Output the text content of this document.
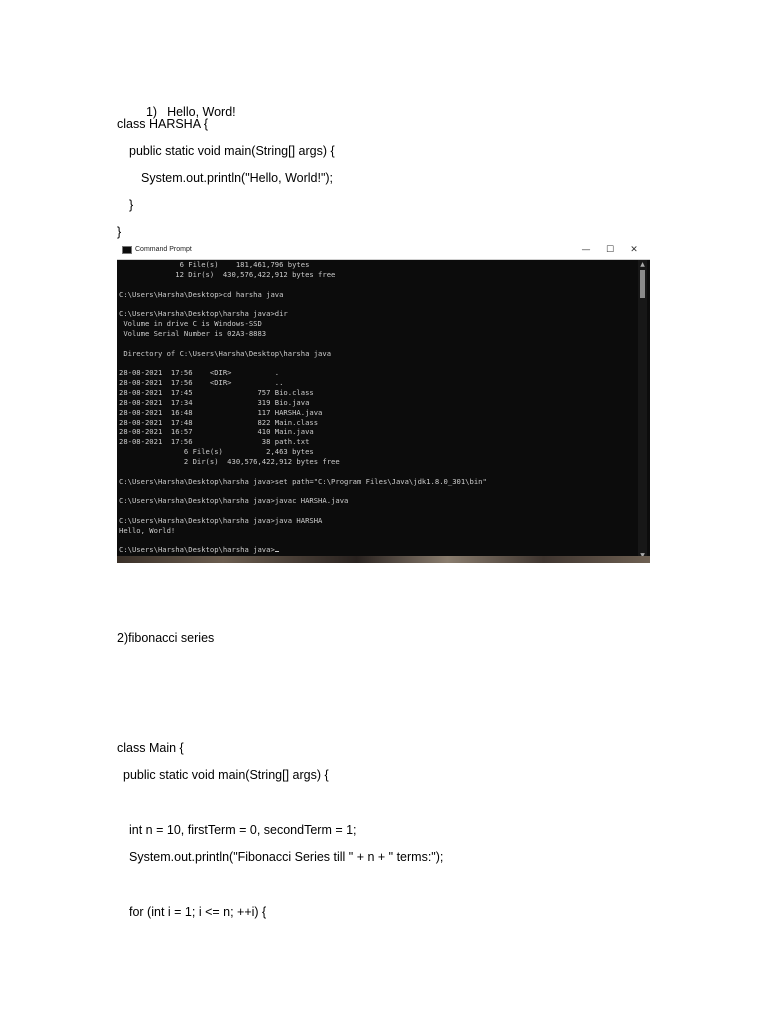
1) Hello, Word!

class HARSHA {
public static void main(String[] args) {
System.out.println("Hello, World!");
}
}
Command Prompt	—	☐	✕
6 File(s)    181,461,796 bytes
12 Dir(s)  430,576,422,912 bytes free

C:\Users\Harsha\Desktop>cd harsha java

C:\Users\Harsha\Desktop\harsha java>dir
Volume in drive C is Windows-SSD
Volume Serial Number is 02A3-8883

Directory of C:\Users\Harsha\Desktop\harsha java

28-08-2021  17:56    <DIR>          .
28-08-2021  17:56    <DIR>          ..
28-08-2021  17:45               757 Bio.class
28-08-2021  17:34               319 Bio.java
28-08-2021  16:48               117 HARSHA.java
28-08-2021  17:48               822 Main.class
28-08-2021  16:57               410 Main.java
28-08-2021  17:56                38 path.txt
6 File(s)          2,463 bytes
2 Dir(s)  430,576,422,912 bytes free

C:\Users\Harsha\Desktop\harsha java>set path="C:\Program Files\Java\jdk1.8.0_301\bin"

C:\Users\Harsha\Desktop\harsha java>javac HARSHA.java

C:\Users\Harsha\Desktop\harsha java>java HARSHA
Hello, World!

C:\Users\Harsha\Desktop\harsha java>
▲
2)fibonacci series
class Main {
public static void main(String[] args) {
int n = 10, firstTerm = 0, secondTerm = 1;
System.out.println("Fibonacci Series till " + n + " terms:");
for (int i = 1; i <= n; ++i) {
